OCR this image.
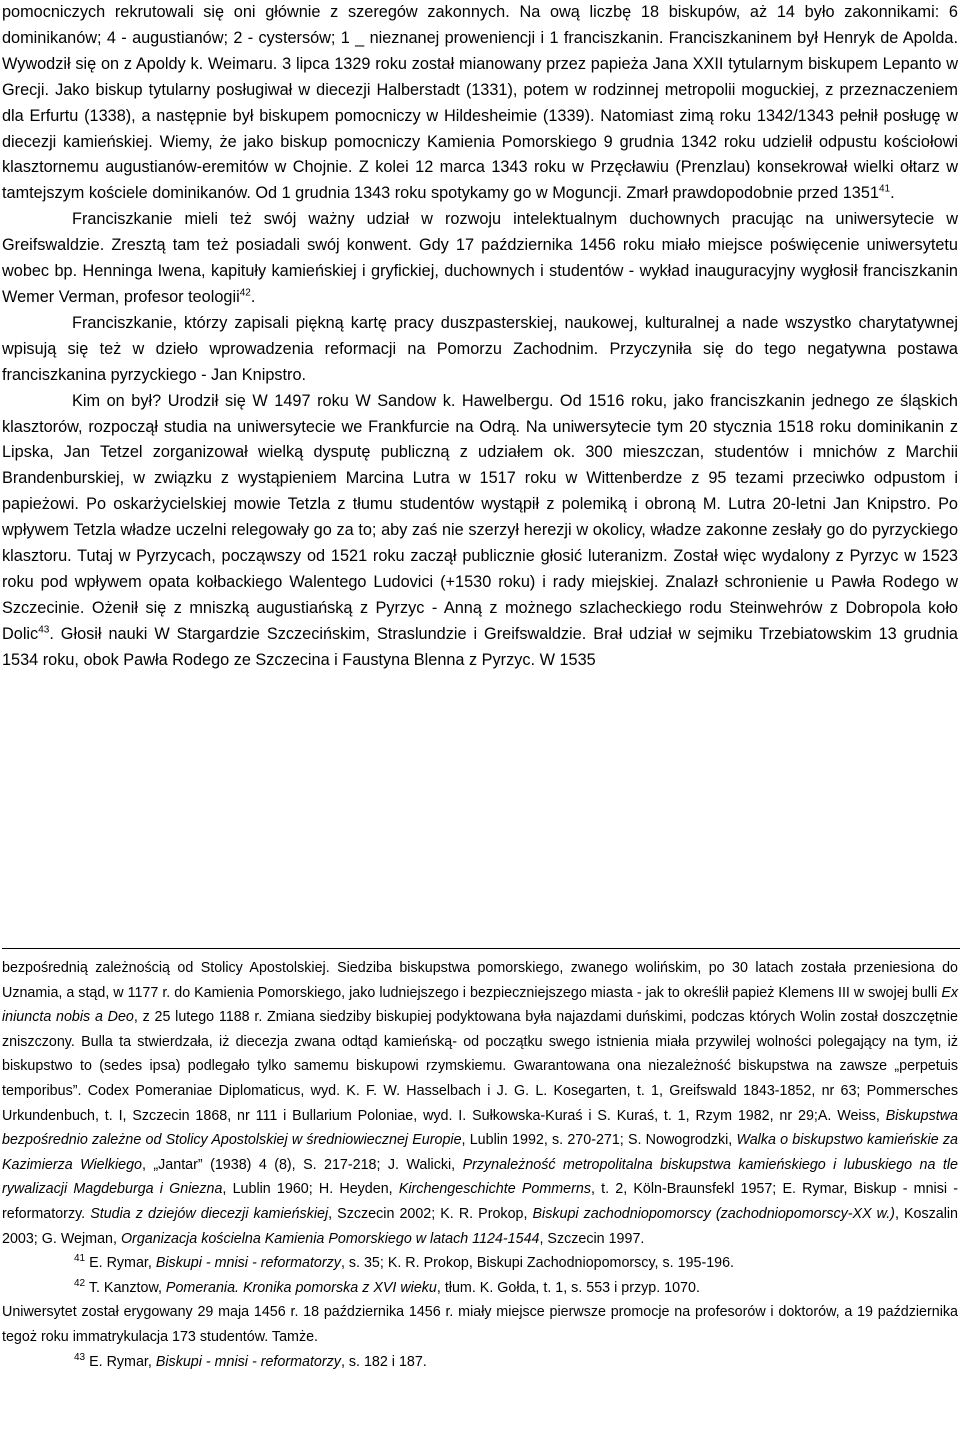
pomocniczych rekrutowali się oni głównie z szeregów zakonnych. Na ową liczbę 18 biskupów, aż 14 było zakonnikami: 6 dominikanów; 4 - augustianów; 2 - cystersów; 1 _ nieznanej proweniencji i 1 franciszkanin. Franciszkaninem był Henryk de Apolda. Wywodził się on z Apoldy k. Weimaru. 3 lipca 1329 roku został mianowany przez papieża Jana XXII tytularnym biskupem Lepanto w Grecji. Jako biskup tytularny posługiwał w diecezji Halberstadt (1331), potem w rodzinnej metropolii moguckiej, z przeznaczeniem dla Erfurtu (1338), a następnie był biskupem pomocniczy w Hildesheimie (1339). Natomiast zimą roku 1342/1343 pełnił posługę w diecezji kamieńskiej. Wiemy, że jako biskup pomocniczy Kamienia Pomorskiego 9 grudnia 1342 roku udzielił odpustu kościołowi klasztornemu augustianów-eremitów w Chojnie. Z kolei 12 marca 1343 roku w Przęcławiu (Prenzlau) konsekrował wielki ołtarz w tamtejszym kościele dominikanów. Od 1 grudnia 1343 roku spotykamy go w Moguncji. Zmarł prawdopodobnie przed 1351$^{41}$.

Franciszkanie mieli też swój ważny udział w rozwoju intelektualnym duchownych pracując na uniwersytecie w Greifswaldzie. Zresztą tam też posiadali swój konwent. Gdy 17 października 1456 roku miało miejsce poświęcenie uniwersytetu wobec bp. Henninga Iwena, kapituły kamieńskiej i gryfickiej, duchownych i studentów - wykład inauguracyjny wygłosił franciszkanin Wemer Verman, profesor teologii$^{42}$.

Franciszkanie, którzy zapisali piękną kartę pracy duszpasterskiej, naukowej, kulturalnej a nade wszystko charytatywnej wpisują się też w dzieło wprowadzenia reformacji na Pomorzu Zachodnim. Przyczyniła się do tego negatywna postawa franciszkanina pyrzyckiego - Jan Knipstro.

Kim on był? Urodził się W 1497 roku W Sandow k. Hawelbergu. Od 1516 roku, jako franciszkanin jednego ze śląskich klasztorów, rozpoczął studia na uniwersytecie we Frankfurcie na Odrą. Na uniwersytecie tym 20 stycznia 1518 roku dominikanin z Lipska, Jan Tetzel zorganizował wielką dysputę publiczną z udziałem ok. 300 mieszczan, studentów i mnichów z Marchii Brandenburskiej, w związku z wystąpieniem Marcina Lutra w 1517 roku w Wittenberdze z 95 tezami przeciwko odpustom i papieżowi. Po oskarżycielskiej mowie Tetzla z tłumu studentów wystąpił z polemiką i obroną M. Lutra 20-letni Jan Knipstro. Po wpływem Tetzla władze uczelni relegowały go za to; aby zaś nie szerzył herezji w okolicy, władze zakonne zesłały go do pyrzyckiego klasztoru. Tutaj w Pyrzycach, począwszy od 1521 roku zaczął publicznie głosić luteranizm. Został więc wydalony z Pyrzyc w 1523 roku pod wpływem opata kołbackiego Walentego Ludovici (+1530 roku) i rady miejskiej. Znalazł schronienie u Pawła Rodego w Szczecinie. Ożenił się z mniszką augustiańską z Pyrzyc - Anną z możnego szlacheckiego rodu Steinwehrów z Dobropola koło Dolic$^{43}$. Głosił nauki W Stargardzie Szczecińskim, Straslundzie i Greifswaldzie. Brał udział w sejmiku Trzebiatowskim 13 grudnia 1534 roku, obok Pawła Rodego ze Szczecina i Faustyna Blenna z Pyrzyc. W 1535

bezpośrednią zależnością od Stolicy Apostolskiej. Siedziba biskupstwa pomorskiego, zwanego wolińskim, po 30 latach została przeniesiona do Uznamia, a stąd, w 1177 r. do Kamienia Pomorskiego, jako ludniejszego i bezpieczniejszego miasta - jak to określił papież Klemens III w swojej bulli Ex iniuncta nobis a Deo, z 25 lutego 1188 r. Zmiana siedziby biskupiej podyktowana była najazdami duńskimi, podczas których Wolin został doszczętnie zniszczony. Bulla ta stwierdzała, iż diecezja zwana odtąd kamieńską- od początku swego istnienia miała przywilej wolności polegający na tym, iż biskupstwo to (sedes ipsa) podlegało tylko samemu biskupowi rzymskiemu. Gwarantowana ona niezależność biskupstwa na zawsze „perpetuis temporibus”. Codex Pomeraniae Diplomaticus, wyd. K. F. W. Hasselbach i J. G. L. Kosegarten, t. 1, Greifswald 1843-1852, nr 63; Pommersches Urkundenbuch, t. I, Szczecin 1868, nr 111 i Bullarium Poloniae, wyd. I. Sułkowska-Kuraś i S. Kuraś, t. 1, Rzym 1982, nr 29;A. Weiss, Biskupstwa bezpośrednio zależne od Stolicy Apostolskiej w średniowiecznej Europie, Lublin 1992, s. 270-271; S. Nowogrodzki, Walka o biskupstwo kamieńskie za Kazimierza Wielkiego, „Jantar” (1938) 4 (8), S. 217-218; J. Walicki, Przynależność metropolitalna biskupstwa kamieńskiego i lubuskiego na tle rywalizacji Magdeburga i Gniezna, Lublin 1960; H. Heyden, Kirchengeschichte Pommerns, t. 2, Köln-Braunsfekl 1957; E. Rymar, Biskup - mnisi - reformatorzy. Studia z dziejów diecezji kamieńskiej, Szczecin 2002; K. R. Prokop, Biskupi zachodniopomorscy (zachodniopomorscy-XX w.), Koszalin 2003; G. Wejman, Organizacja kościelna Kamienia Pomorskiego w latach 1124-1544, Szczecin 1997.

$^{41}$ E. Rymar, Biskupi - mnisi - reformatorzy, s. 35; K. R. Prokop, Biskupi Zachodniopomorscy, s. 195-196.

$^{42}$ T. Kanztow, Pomerania. Kronika pomorska z XVI wieku, tłum. K. Gołda, t. 1, s. 553 i przyp. 1070.

Uniwersytet został erygowany 29 maja 1456 r. 18 października 1456 r. miały miejsce pierwsze promocje na profesorów i doktorów, a 19 października tegoż roku immatrykulacja 173 studentów. Tamże.

$^{43}$ E. Rymar, Biskupi - mnisi - reformatorzy, s. 182 i 187.
